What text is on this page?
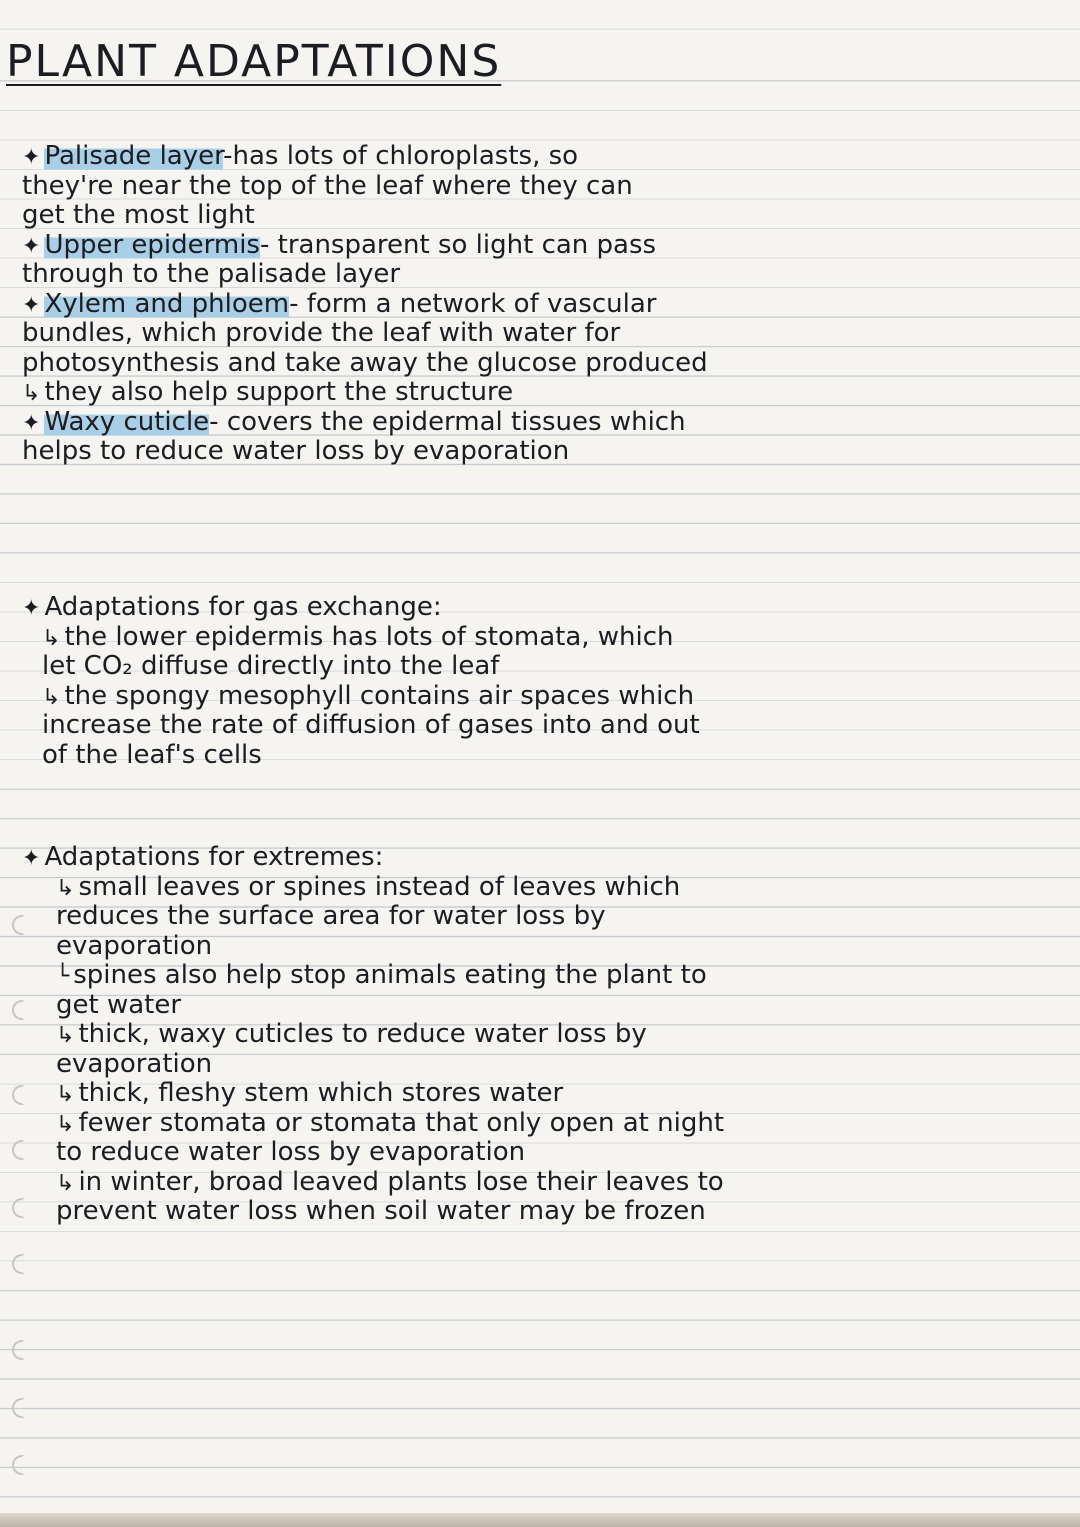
PLANT ADAPTATIONS
✦ Palisade layer-has lots of chloroplasts, so
they're near the top of the leaf where they can
get the most light
✦ Upper epidermis- transparent so light can pass
through to the palisade layer
✦ Xylem and phloem- form a network of vascular
bundles, which provide the leaf with water for
photosynthesis and take away the glucose produced
↳ they also help support the structure
✦ Waxy cuticle- covers the epidermal tissues which
helps to reduce water loss by evaporation
✦ Adaptations for gas exchange:
↳ the lower epidermis has lots of stomata, which
let CO₂ diffuse directly into the leaf
↳ the spongy mesophyll contains air spaces which
increase the rate of diffusion of gases into and out
of the leaf's cells
✦ Adaptations for extremes:
↳ small leaves or spines instead of leaves which
reduces the surface area for water loss by
evaporation
└ spines also help stop animals eating the plant to
get water
↳ thick, waxy cuticles to reduce water loss by
evaporation
↳ thick, fleshy stem which stores water
↳ fewer stomata or stomata that only open at night
to reduce water loss by evaporation
↳ in winter, broad leaved plants lose their leaves to
prevent water loss when soil water may be frozen
